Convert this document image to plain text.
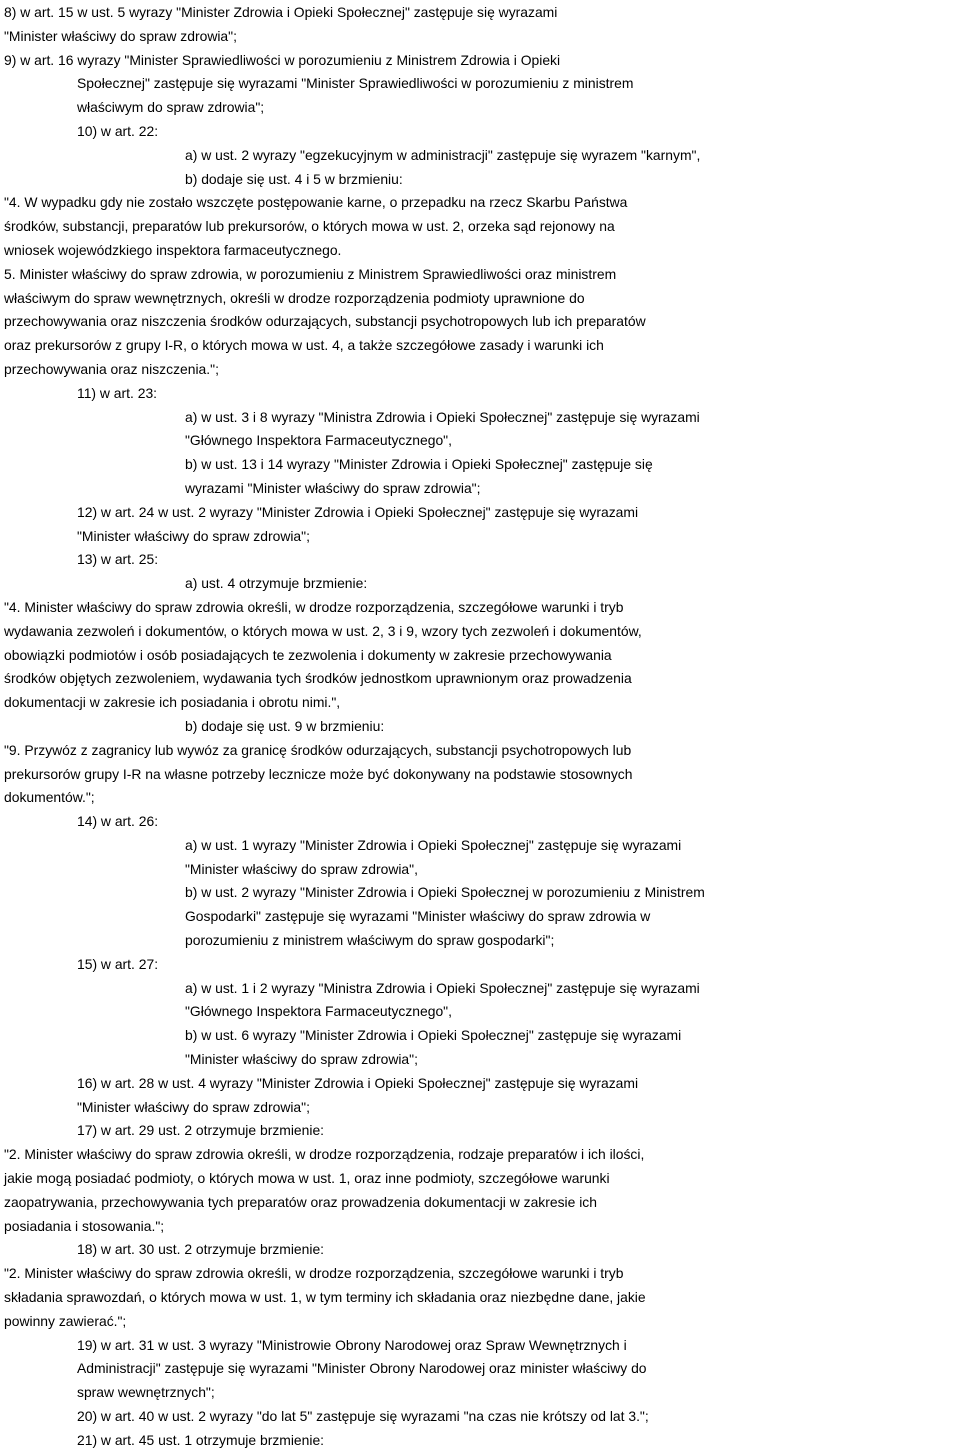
8) w art. 15 w ust. 5 wyrazy "Minister Zdrowia i Opieki Społecznej" zastępuje się wyrazami

"Minister właściwy do spraw zdrowia";

9) w art. 16 wyrazy "Minister Sprawiedliwości w porozumieniu z Ministrem Zdrowia i Opieki

Społecznej" zastępuje się wyrazami "Minister Sprawiedliwości w porozumieniu z ministrem

właściwym do spraw zdrowia";

10) w art. 22:

a) w ust. 2 wyrazy "egzekucyjnym w administracji" zastępuje się wyrazem "karnym",

b) dodaje się ust. 4 i 5 w brzmieniu:

"4. W wypadku gdy nie zostało wszczęte postępowanie karne, o przepadku na rzecz Skarbu Państwa

środków, substancji, preparatów lub prekursorów, o których mowa w ust. 2, orzeka sąd rejonowy na

wniosek wojewódzkiego inspektora farmaceutycznego.

5. Minister właściwy do spraw zdrowia, w porozumieniu z Ministrem Sprawiedliwości oraz ministrem

właściwym do spraw wewnętrznych, określi w drodze rozporządzenia podmioty uprawnione do

przechowywania oraz niszczenia środków odurzających, substancji psychotropowych lub ich preparatów

oraz prekursorów z grupy I-R, o których mowa w ust. 4, a także szczegółowe zasady i warunki ich

przechowywania oraz niszczenia.";

11) w art. 23:

a) w ust. 3 i 8 wyrazy "Ministra Zdrowia i Opieki Społecznej" zastępuje się wyrazami

"Głównego Inspektora Farmaceutycznego",

b) w ust. 13 i 14 wyrazy "Minister Zdrowia i Opieki Społecznej" zastępuje się

wyrazami "Minister właściwy do spraw zdrowia";

12) w art. 24 w ust. 2 wyrazy "Minister Zdrowia i Opieki Społecznej" zastępuje się wyrazami

"Minister właściwy do spraw zdrowia";

13) w art. 25:

a) ust. 4 otrzymuje brzmienie:

"4. Minister właściwy do spraw zdrowia określi, w drodze rozporządzenia, szczegółowe warunki i tryb

wydawania zezwoleń i dokumentów, o których mowa w ust. 2, 3 i 9, wzory tych zezwoleń i dokumentów,

obowiązki podmiotów i osób posiadających te zezwolenia i dokumenty w zakresie przechowywania

środków objętych zezwoleniem, wydawania tych środków jednostkom uprawnionym oraz prowadzenia

dokumentacji w zakresie ich posiadania i obrotu nimi.",

b) dodaje się ust. 9 w brzmieniu:

"9. Przywóz z zagranicy lub wywóz za granicę środków odurzających, substancji psychotropowych lub

prekursorów grupy I-R na własne potrzeby lecznicze może być dokonywany na podstawie stosownych

dokumentów.";

14) w art. 26:

a) w ust. 1 wyrazy "Minister Zdrowia i Opieki Społecznej" zastępuje się wyrazami

"Minister właściwy do spraw zdrowia",

b) w ust. 2 wyrazy "Minister Zdrowia i Opieki Społecznej w porozumieniu z Ministrem

Gospodarki" zastępuje się wyrazami "Minister właściwy do spraw zdrowia w

porozumieniu z ministrem właściwym do spraw gospodarki";

15) w art. 27:

a) w ust. 1 i 2 wyrazy "Ministra Zdrowia i Opieki Społecznej" zastępuje się wyrazami

"Głównego Inspektora Farmaceutycznego",

b) w ust. 6 wyrazy "Minister Zdrowia i Opieki Społecznej" zastępuje się wyrazami

"Minister właściwy do spraw zdrowia";

16) w art. 28 w ust. 4 wyrazy "Minister Zdrowia i Opieki Społecznej" zastępuje się wyrazami

"Minister właściwy do spraw zdrowia";

17) w art. 29 ust. 2 otrzymuje brzmienie:

"2. Minister właściwy do spraw zdrowia określi, w drodze rozporządzenia, rodzaje preparatów i ich ilości,

jakie mogą posiadać podmioty, o których mowa w ust. 1, oraz inne podmioty, szczegółowe warunki

zaopatrywania, przechowywania tych preparatów oraz prowadzenia dokumentacji w zakresie ich

posiadania i stosowania.";

18) w art. 30 ust. 2 otrzymuje brzmienie:

"2. Minister właściwy do spraw zdrowia określi, w drodze rozporządzenia, szczegółowe warunki i tryb

składania sprawozdań, o których mowa w ust. 1, w tym terminy ich składania oraz niezbędne dane, jakie

powinny zawierać.";

19) w art. 31 w ust. 3 wyrazy "Ministrowie Obrony Narodowej oraz Spraw Wewnętrznych i

Administracji" zastępuje się wyrazami "Minister Obrony Narodowej oraz minister właściwy do

spraw wewnętrznych";

20) w art. 40 w ust. 2 wyrazy "do lat 5" zastępuje się wyrazami "na czas nie krótszy od lat 3.";

21) w art. 45 ust. 1 otrzymuje brzmienie:
